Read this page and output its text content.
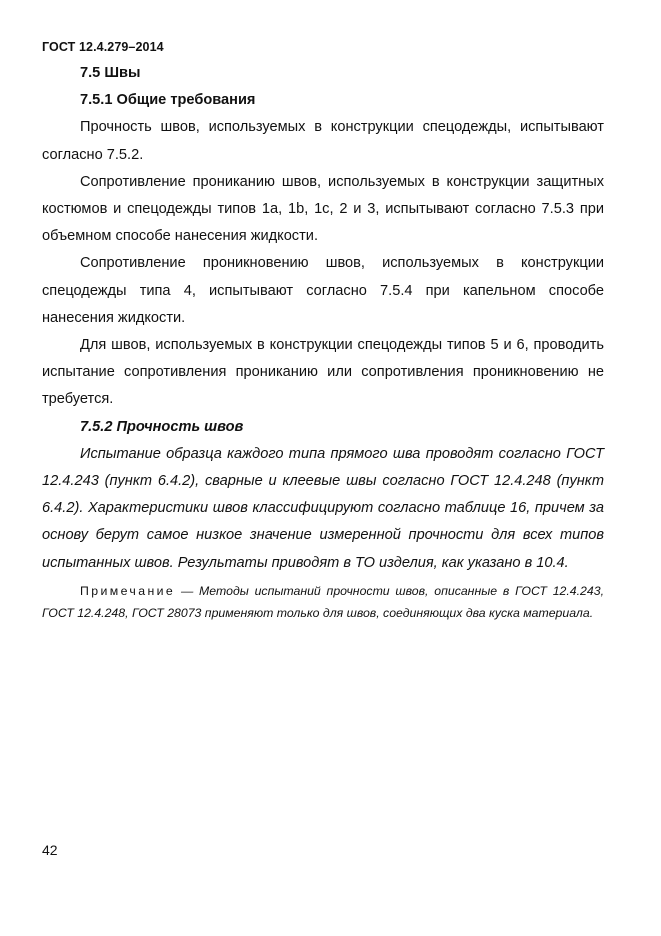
ГОСТ 12.4.279–2014
7.5 Швы
7.5.1 Общие требования

Прочность швов, используемых в конструкции спецодежды, испытывают согласно 7.5.2.

Сопротивление прониканию швов, используемых в конструкции защитных костюмов и спецодежды типов 1а, 1b, 1с, 2 и 3, испытывают согласно 7.5.3 при объемном способе нанесения жидкости.

Сопротивление проникновению швов, используемых в конструкции спецодежды типа 4, испытывают согласно 7.5.4 при капельном способе нанесения жидкости.

Для швов, используемых в конструкции спецодежды типов 5 и 6, проводить испытание сопротивления прониканию или сопротивления проникновению не требуется.

7.5.2 Прочность швов

Испытание образца каждого типа прямого шва проводят согласно ГОСТ 12.4.243 (пункт 6.4.2), сварные и клеевые швы согласно ГОСТ 12.4.248 (пункт 6.4.2). Характеристики швов классифицируют согласно таблице 16, причем за основу берут самое низкое значение измеренной прочности для всех типов испытанных швов. Результаты приводят в ТО изделия, как указано в 10.4.

Примечание — Методы испытаний прочности швов, описанные в ГОСТ 12.4.243, ГОСТ 12.4.248, ГОСТ 28073 применяют только для швов, соединяющих два куска материала.
42
